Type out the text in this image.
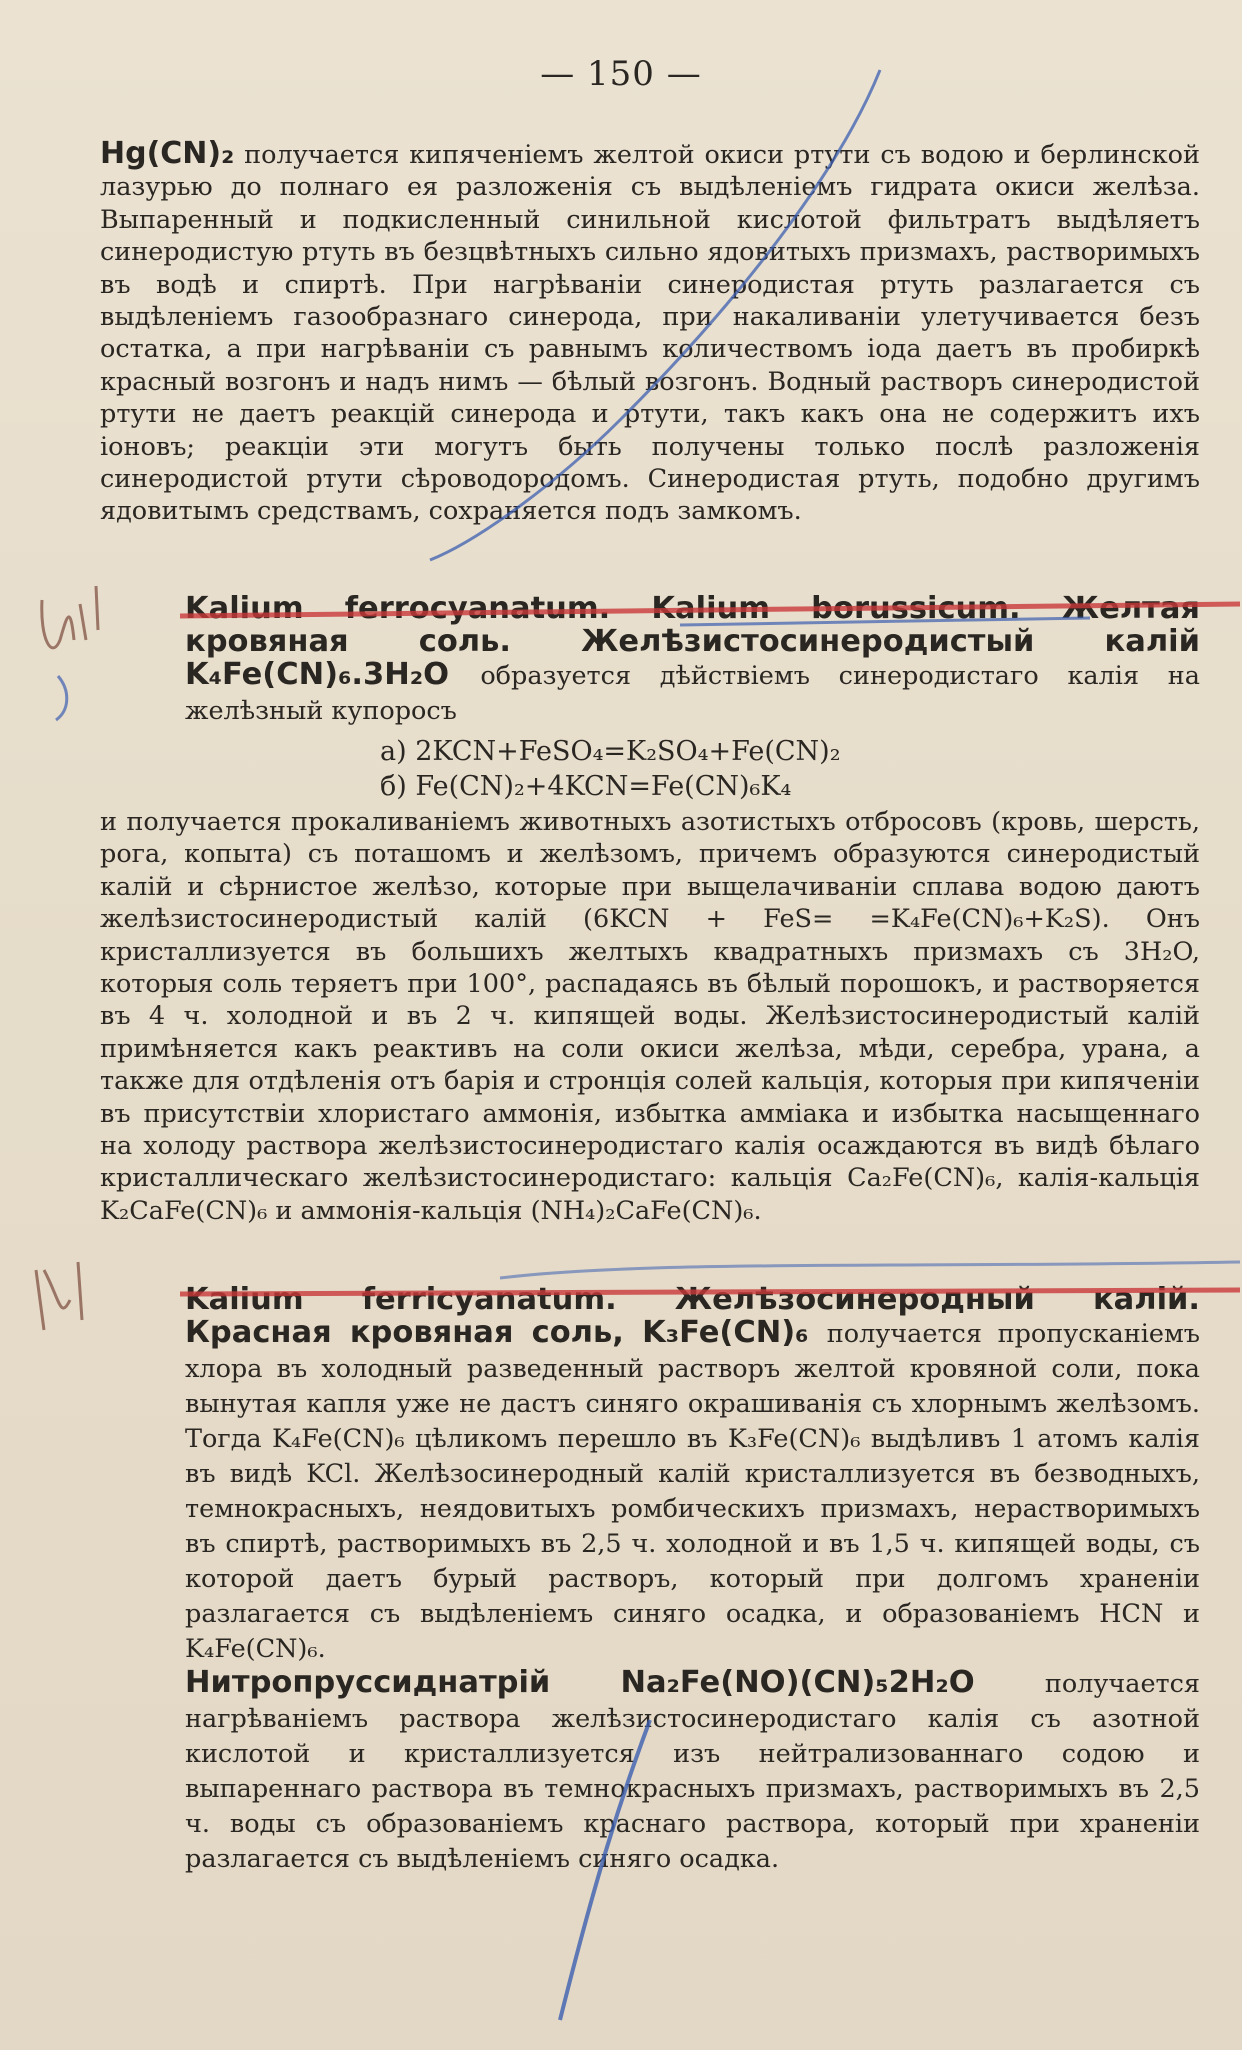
— 150 —

Hg(CN)₂ получается кипяченiемъ желтой окиси ртути съ водою и берлинской лазурью до полнаго ея разложенiя съ выдѣленiемъ гидрата окиси желѣза. Выпаренный и подкисленный синильной кислотой фильтратъ выдѣляетъ синеродистую ртуть въ безцвѣтныхъ сильно ядовитыхъ призмахъ, растворимыхъ въ водѣ и спиртѣ. При нагрѣванiи синеродистая ртуть разлагается съ выдѣленiемъ газообразнаго синерода, при накаливанiи улетучивается безъ остатка, а при нагрѣванiи съ равнымъ количествомъ iода даетъ въ пробиркѣ красный возгонъ и надъ нимъ — бѣлый возгонъ. Водный растворъ синеродистой ртути не даетъ реакцiй синерода и ртути, такъ какъ она не содержитъ ихъ iоновъ; реакцiи эти могутъ быть получены только послѣ разложенiя синеродистой ртути сѣроводородомъ. Синеродистая ртуть, подобно другимъ ядовитымъ средствамъ, сохраняется подъ замкомъ.

Kalium ferrocyanatum. Kalium borussicum. Желтая кровяная соль. Желѣзистосинеродистый калiй K₄Fe(CN)₆.3H₂O образуется дѣйствiемъ синеродистаго калiя на желѣзный купоросъ

а) 2KCN+FeSO₄=K₂SO₄+Fe(CN)₂
б) Fe(CN)₂+4KCN=Fe(CN)₆K₄

и получается прокаливанiемъ животныхъ азотистыхъ отбросовъ (кровь, шерсть, рога, копыта) съ поташомъ и желѣзомъ, причемъ образуются синеродистый калiй и сѣрнистое желѣзо, которые при выщелачиванiи сплава водою даютъ желѣзистосинеродистый калiй (6KCN + FeS= =K₄Fe(CN)₆+K₂S). Онъ кристаллизуется въ большихъ желтыхъ квадратныхъ призмахъ съ 3H₂O, которыя соль теряетъ при 100°, распадаясь въ бѣлый порошокъ, и растворяется въ 4 ч. холодной и въ 2 ч. кипящей воды. Желѣзистосинеродистый калiй примѣняется какъ реактивъ на соли окиси желѣза, мѣди, серебра, урана, а также для отдѣленiя отъ барiя и стронцiя солей кальцiя, которыя при кипяченiи въ присутствiи хлористаго аммонiя, избытка аммiака и избытка насыщеннаго на холоду раствора желѣзистосинеродистаго калiя осаждаются въ видѣ бѣлаго кристаллическаго желѣзистосинеродистаго: кальцiя Ca₂Fe(CN)₆, калiя-кальцiя K₂CaFe(CN)₆ и аммонiя-кальцiя (NH₄)₂CaFe(CN)₆.

Kalium ferricyanatum. Желѣзосинеродный калiй. Красная кровяная соль, K₃Fe(CN)₆ получается пропусканiемъ хлора въ холодный разведенный растворъ желтой кровяной соли, пока вынутая капля уже не дастъ синяго окрашиванiя съ хлорнымъ желѣзомъ. Тогда K₄Fe(CN)₆ цѣликомъ перешло въ K₃Fe(CN)₆ выдѣливъ 1 атомъ калiя въ видѣ KCl. Желѣзосинеродный калiй кристаллизуется въ безводныхъ, темнокрасныхъ, неядовитыхъ ромбическихъ призмахъ, нерастворимыхъ въ спиртѣ, растворимыхъ въ 2,5 ч. холодной и въ 1,5 ч. кипящей воды, съ которой даетъ бурый растворъ, который при долгомъ храненiи разлагается съ выдѣленiемъ синяго осадка, и образованiемъ HCN и K₄Fe(CN)₆.

Нитропруссиднатрiй Na₂Fe(NO)(CN)₅2H₂O	получается нагрѣванiемъ раствора желѣзистосинеродистаго калiя съ азотной кислотой и кристаллизуется изъ нейтрализованнаго содою и выпареннаго раствора въ темнокрасныхъ призмахъ, растворимыхъ въ 2,5 ч. воды съ образованiемъ краснаго раствора, который при храненiи разлагается съ выдѣленiемъ синяго осадка.
